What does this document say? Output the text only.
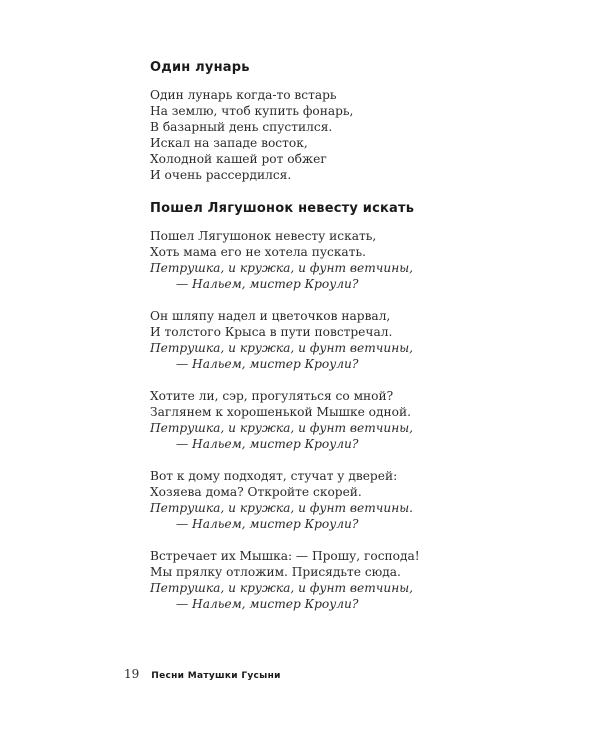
Один лунарь

Один лунарь когда-то встарь

На землю, чтоб купить фонарь,

В базарный день спустился.

Искал на западе восток,

Холодной кашей рот обжег

И очень рассердился.

Пошел Лягушонок невесту искать

Пошел Лягушонок невесту искать,

Хоть мама его не хотела пускать.

Петрушка, и кружка, и фунт ветчины,

— Нальем, мистер Кроули?

Он шляпу надел и цветочков нарвал,

И толстого Крыса в пути повстречал.

Петрушка, и кружка, и фунт ветчины,

— Нальем, мистер Кроули?

Хотите ли, сэр, прогуляться со мной?

Заглянем к хорошенькой Мышке одной.

Петрушка, и кружка, и фунт ветчины,

— Нальем, мистер Кроули?

Вот к дому подходят, стучат у дверей:

Хозяева дома? Откройте скорей.

Петрушка, и кружка, и фунт ветчины.

— Нальем, мистер Кроули?

Встречает их Мышка: — Прошу, господа!

Мы прялку отложим. Присядьте сюда.

Петрушка, и кружка, и фунт ветчины,

— Нальем, мистер Кроули?

19 Песни Матушки Гусыни
